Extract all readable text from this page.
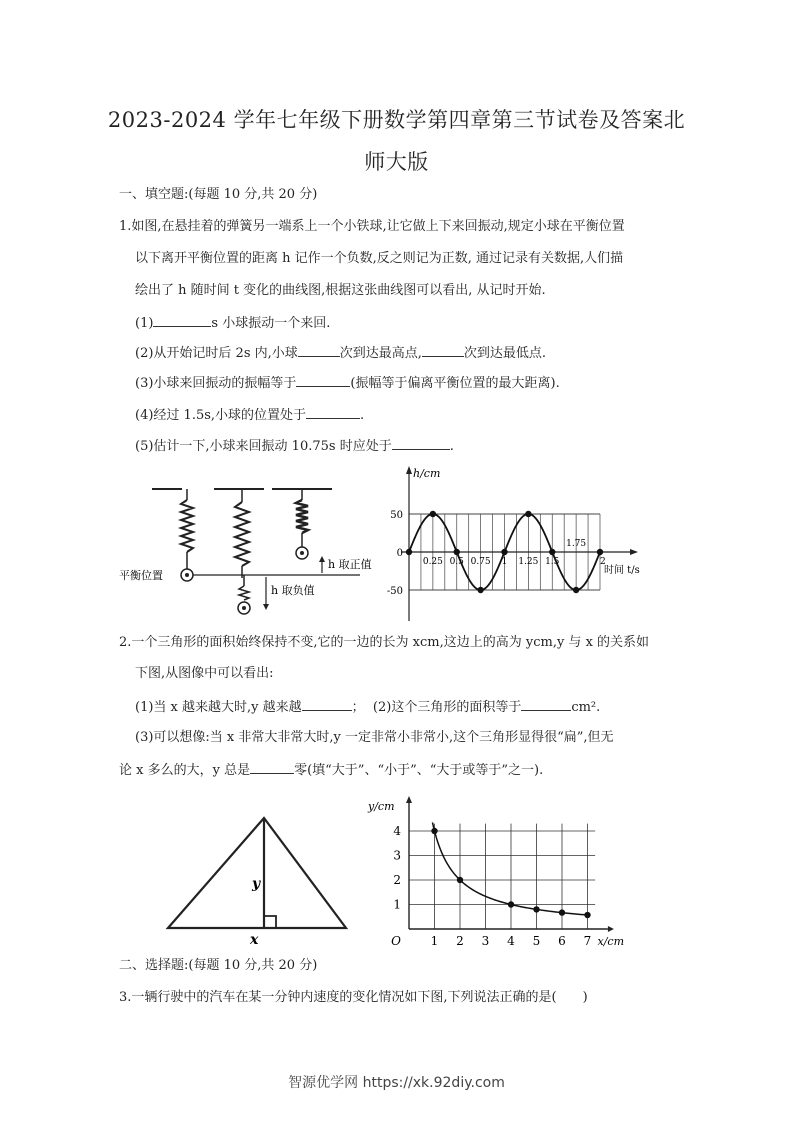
2023-2024 学年七年级下册数学第四章第三节试卷及答案北
师大版
一、填空题:(每题 10 分,共 20 分)
1.如图,在悬挂着的弹簧另一端系上一个小铁球,让它做上下来回振动,规定小球在平衡位置
以下离开平衡位置的距离 h 记作一个负数,反之则记为正数, 通过记录有关数据,人们描
绘出了 h 随时间 t 变化的曲线图,根据这张曲线图可以看出, 从记时开始.
(1)	s 小球振动一个来回.
(2)从开始记时后 2s 内,小球	次到达最高点,	次到达最低点.
(3)小球来回振动的振幅等于	(振幅等于偏离平衡位置的最大距离).
(4)经过 1.5s,小球的位置处于	.
(5)估计一下,小球来回振动 10.75s 时应处于	.
平衡位置
h 取正值
h 取负值
h/cm
时间 t/s
50
0
-50
0.25 0.5 0.75 1 1.25 1.5
1.75
2
2.一个三角形的面积始终保持不变,它的一边的长为 xcm,这边上的高为 ycm,y 与 x 的关系如
下图,从图像中可以看出:
(1)当 x 越来越大时,y 越来越	； (2)这个三角形的面积等于	cm².
(3)可以想像:当 x 非常大非常大时,y 一定非常小非常小,这个三角形显得很“扁”,但无
论 x 多么的大，y 总是	零(填“大于”、“小于”、“大于或等于”之一).
y
x
y/cm
x/cm
O 1 2 3 4 5 6 7
1
2
3
4
二、选择题:(每题 10 分,共 20 分)
3.一辆行驶中的汽车在某一分钟内速度的变化情况如下图,下列说法正确的是( )
智源优学网 https://xk.92diy.com
